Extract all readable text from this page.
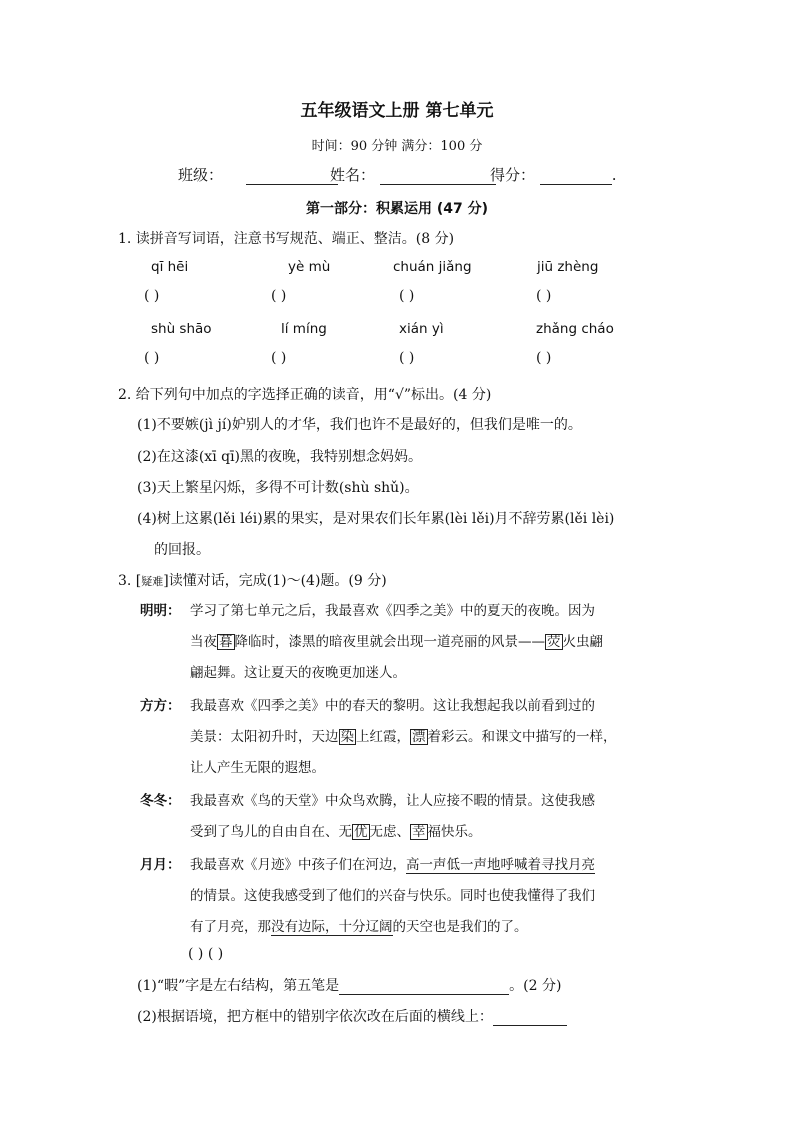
五年级语文上册 第七单元
时间：90 分钟 满分：100 分
班级：	姓名：	得分：	.
第一部分：积累运用 (47 分)
1. 读拼音写词语，注意书写规范、端正、整洁。(8 分)
qī hēi	yè mù	chuán jiǎng	jiū zhèng
( )	( )	( )	( )
shù shāo	lí míng	xián yì	zhǎng cháo
( )	( )	( )	( )
2. 给下列句中加点的字选择正确的读音，用“√”标出。(4 分)
(1)不要嫉(jì jí)妒别人的才华，我们也许不是最好的，但我们是唯一的。
(2)在这漆(xī qī)黑的夜晚，我特别想念妈妈。
(3)天上繁星闪烁，多得不可计数(shù shǔ)。
(4)树上这累(lěi léi)累的果实，是对果农们长年累(lèi lěi)月不辞劳累(lěi lèi)
的回报。
3. [疑难]读懂对话，完成(1)～(4)题。(9 分)
明明： 学习了第七单元之后，我最喜欢《四季之美》中的夏天的夜晚。因为
当夜 暮 降临时，漆黑的暗夜里就会出现一道亮丽的风景—— 荧 火虫翩
翩起舞。这让夏天的夜晚更加迷人。
方方： 我最喜欢《四季之美》中的春天的黎明。这让我想起我以前看到过的
美景：太阳初升时，天边 染 上红霞， 漂 着彩云。和课文中描写的一样，
让人产生无限的遐想。
冬冬： 我最喜欢《鸟的天堂》中众鸟欢腾，让人应接不暇的情景。这使我感
受到了鸟儿的自由自在、无 优 无虑、 幸 福快乐。
月月： 我最喜欢《月迹》中孩子们在河边，高一声低一声地呼喊着寻找月亮
的情景。这使我感受到了他们的兴奋与快乐。同时也使我懂得了我们
有了月亮，那没有边际，十分辽阔的天空也是我们的了。
( ) ( )
(1)“暇”字是左右结构，第五笔是	。(2 分)
(2)根据语境，把方框中的错别字依次改在后面的横线上：
